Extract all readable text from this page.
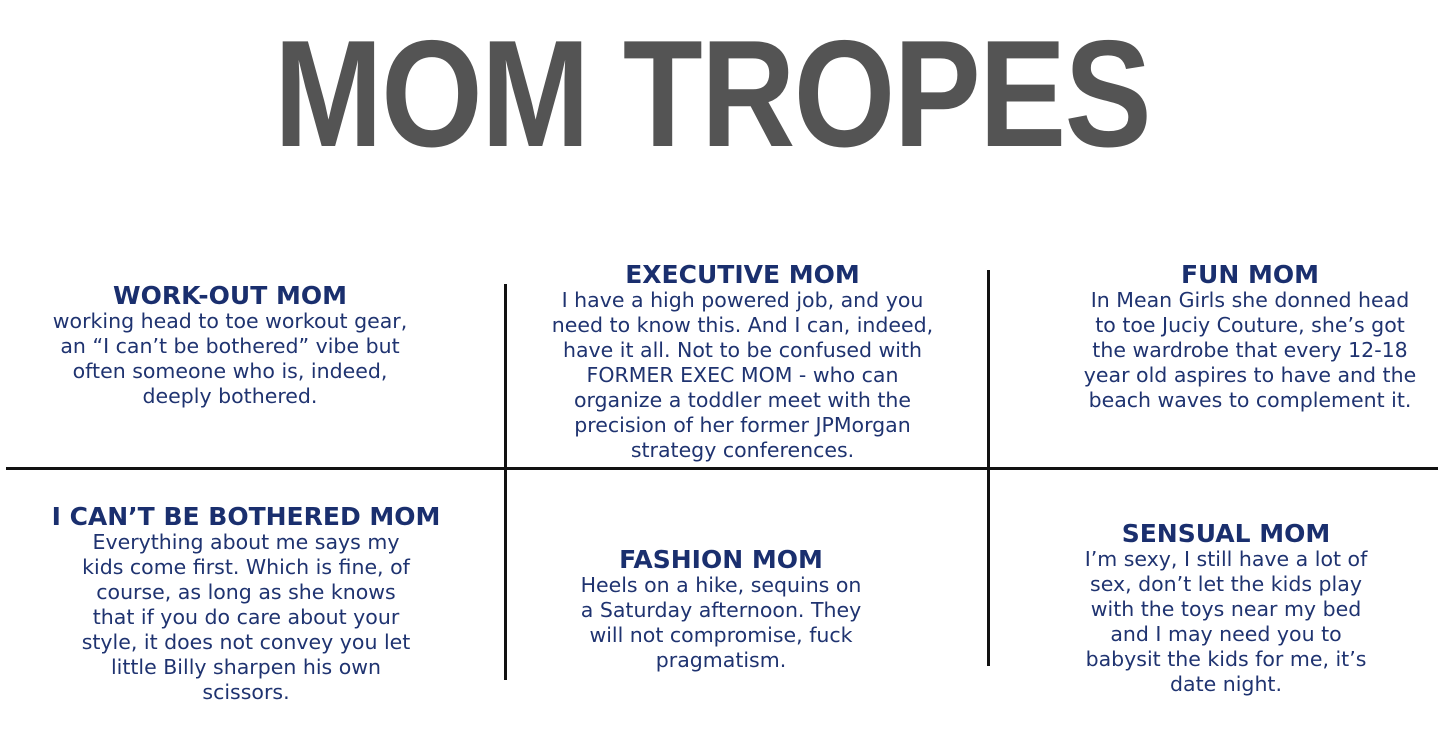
MOM TROPES
WORK-OUT MOM
working head to toe workout gear,
an “I can’t be bothered” vibe but
often someone who is, indeed,
deeply bothered.
EXECUTIVE MOM
I have a high powered job, and you
need to know this. And I can, indeed,
have it all. Not to be confused with
FORMER EXEC MOM - who can
organize a toddler meet with the
precision of her former JPMorgan
strategy conferences.
FUN MOM
In Mean Girls she donned head
to toe Juciy Couture, she’s got
the wardrobe that every 12-18
year old aspires to have and the
beach waves to complement it.
I CAN’T BE BOTHERED MOM
Everything about me says my
kids come first. Which is fine, of
course, as long as she knows
that if you do care about your
style, it does not convey you let
little Billy sharpen his own
scissors.
FASHION MOM
Heels on a hike, sequins on
a Saturday afternoon. They
will not compromise, fuck
pragmatism.
SENSUAL MOM
I’m sexy, I still have a lot of
sex, don’t let the kids play
with the toys near my bed
and I may need you to
babysit the kids for me, it’s
date night.
